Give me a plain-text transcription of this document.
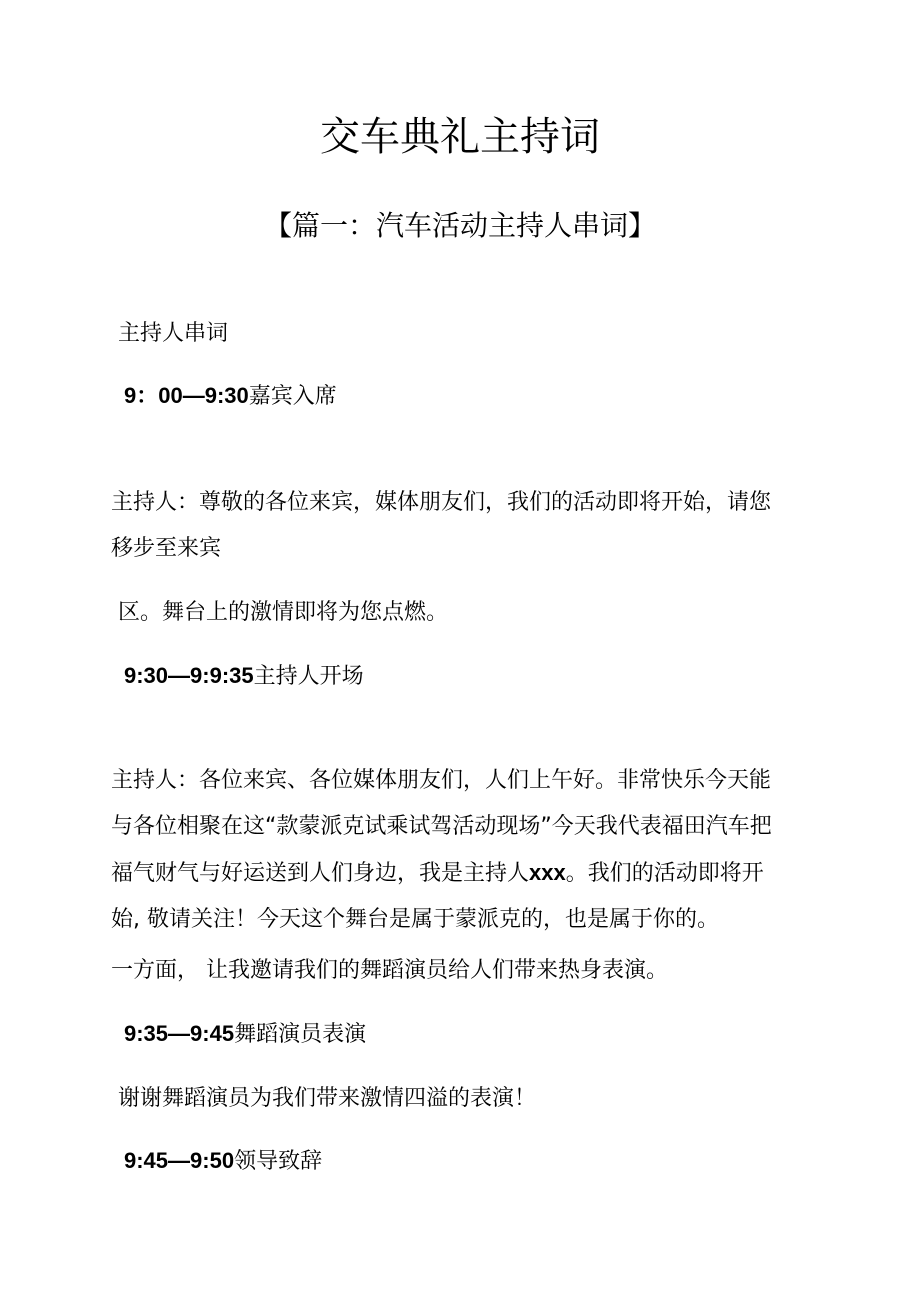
交车典礼主持词
【篇一：汽车活动主持人串词】
主持人串词
9：00—9:30嘉宾入席

主持人：尊敬的各位来宾，媒体朋友们，我们的活动即将开始，请您

移步至来宾

区。舞台上的激情即将为您点燃。
9:30—9:9:35主持人开场

主持人：各位来宾、各位媒体朋友们，人们上午好。非常快乐今天能

与各位相聚在这“款蒙派克试乘试驾活动现场”今天我代表福田汽车把

福气财气与好运送到人们身边，我是主持人xxx。我们的活动即将开

始, 敬请关注！今天这个舞台是属于蒙派克的，也是属于你的。

一方面， 让我邀请我们的舞蹈演员给人们带来热身表演。
9:35—9:45舞蹈演员表演
谢谢舞蹈演员为我们带来激情四溢的表演！
9:45—9:50领导致辞
